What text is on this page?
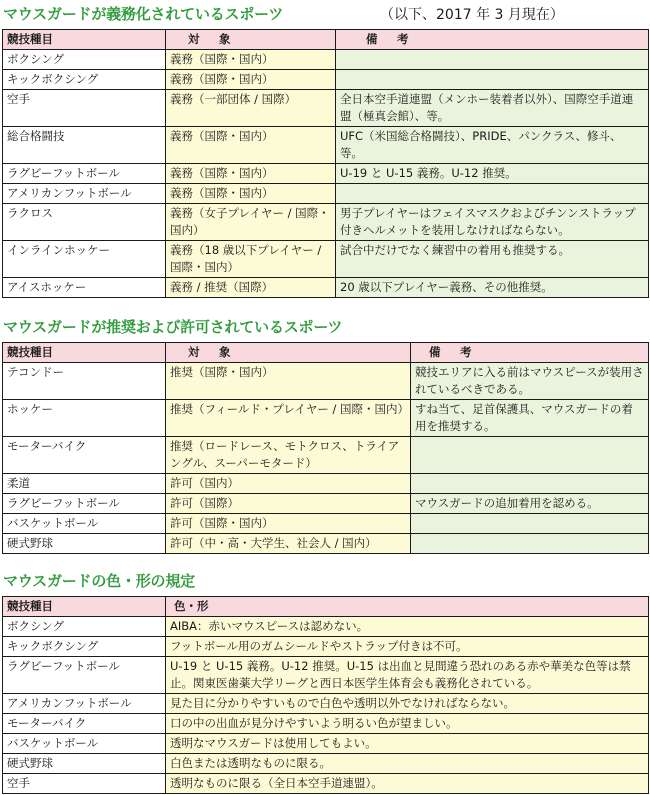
マウスガードが義務化されているスポーツ	（以下、2017 年 3 月現在）
競技種目	対　象	備　考
ボクシング	義務（国際・国内）	
キックボクシング	義務（国際・国内）	
空手	義務（一部団体 / 国際）	全日本空手道連盟（メンホー装着者以外）、国際空手道連盟（極真会館）、等。
総合格闘技	義務（国際・国内）	UFC（米国総合格闘技）、PRIDE、パンクラス、修斗、等。
ラグビーフットボール	義務（国際・国内）	U-19 と U-15 義務。U-12 推奨。
アメリカンフットボール	義務（国際・国内）	
ラクロス	義務（女子プレイヤー / 国際・国内）	男子プレイヤーはフェイスマスクおよびチンンストラップ付きヘルメットを装用しなければならない。
インラインホッケー	義務（18 歳以下プレイヤー / 国際・国内）	試合中だけでなく練習中の着用も推奨する。
アイスホッケー	義務 / 推奨（国際）	20 歳以下プレイヤー義務、その他推奨。
マウスガードが推奨および許可されているスポーツ
競技種目	対　象	備　考
テコンドー	推奨（国際・国内）	競技エリアに入る前はマウスピースが装用されているべきである。
ホッケー	推奨（フィールド・プレイヤー / 国際・国内）	すね当て、足首保護具、マウスガードの着用を推奨する。
モーターバイク	推奨（ロードレース、モトクロス、トライアングル、スーパーモタード）	
柔道	許可（国内）	
ラグビーフットボール	許可（国際）	マウスガードの追加着用を認める。
バスケットボール	許可（国際・国内）	
硬式野球	許可（中・高・大学生、社会人 / 国内）	
マウスガードの色・形の規定
競技種目	色・形
ボクシング	AIBA：赤いマウスピースは認めない。
キックボクシング	フットボール用のガムシールドやストラップ付きは不可。
ラグビーフットボール	U-19 と U-15 義務。U-12 推奨。U-15 は出血と見間違う恐れのある赤や華美な色等は禁止。関東医歯薬大学リーグと西日本医学生体育会も義務化されている。
アメリカンフットボール	見た目に分かりやすいもので白色や透明以外でなければならない。
モーターバイク	口の中の出血が見分けやすいよう明るい色が望ましい。
バスケットボール	透明なマウスガードは使用してもよい。
硬式野球	白色または透明なものに限る。
空手	透明なものに限る（全日本空手道連盟）。
